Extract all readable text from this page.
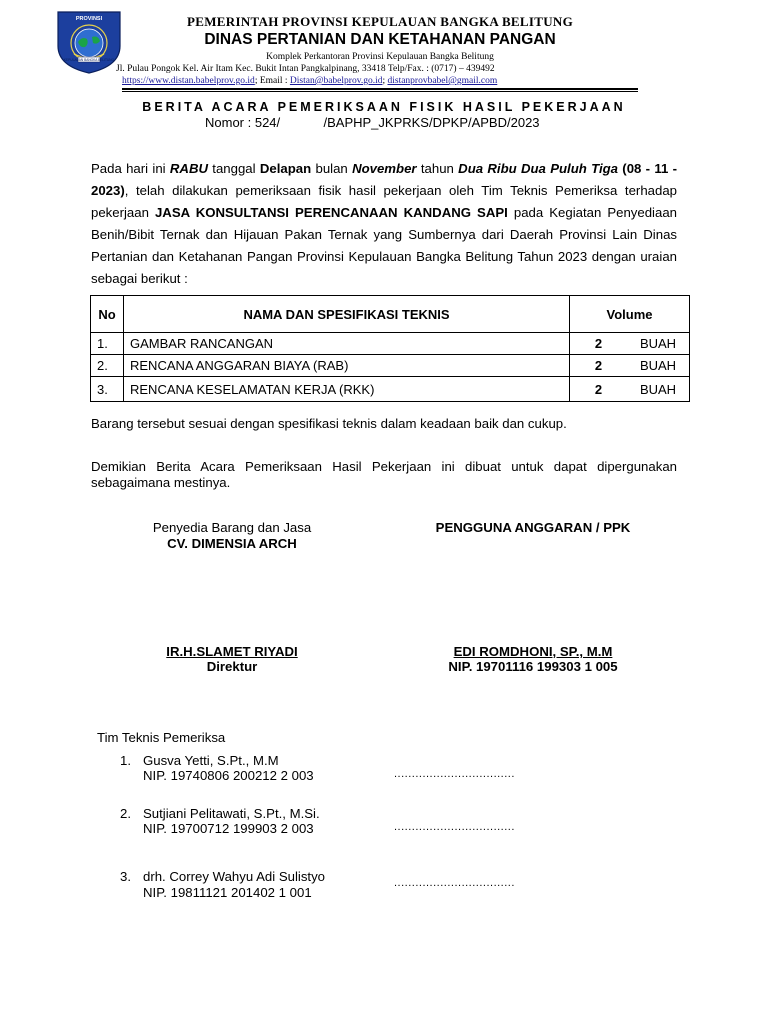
PROVINSI
KEPULAUAN BANGKA BELITUNG
PEMERINTAH PROVINSI KEPULAUAN BANGKA BELITUNG
DINAS PERTANIAN DAN KETAHANAN PANGAN
Komplek Perkantoran Provinsi Kepulauan Bangka Belitung
Jl. Pulau Pongok Kel. Air Itam Kec. Bukit Intan Pangkalpinang, 33418 Telp/Fax. : (0717) – 439492
https://www.distan.babelprov.go.id; Email : Distan@babelprov.go.id; distanprovbabel@gmail.com
BERITA ACARA PEMERIKSAAN FISIK HASIL PEKERJAAN
Nomor : 524/            /BAPHP_JKPRKS/DPKP/APBD/2023
Pada hari ini RABU tanggal Delapan bulan November tahun Dua Ribu Dua Puluh Tiga (08 - 11 - 2023), telah dilakukan pemeriksaan fisik hasil pekerjaan oleh Tim Teknis Pemeriksa terhadap pekerjaan JASA KONSULTANSI PERENCANAAN KANDANG SAPI pada Kegiatan Penyediaan Benih/Bibit Ternak dan Hijauan Pakan Ternak yang Sumbernya dari Daerah Provinsi Lain Dinas Pertanian dan Ketahanan Pangan Provinsi Kepulauan Bangka Belitung Tahun 2023 dengan uraian sebagai berikut :
No	NAMA DAN SPESIFIKASI TEKNIS	Volume	
1.	GAMBAR RANCANGAN	2	BUAH
2.	RENCANA ANGGARAN BIAYA (RAB)	2	BUAH
3.	RENCANA KESELAMATAN KERJA (RKK)	2	BUAH
Barang tersebut sesuai dengan spesifikasi teknis dalam keadaan baik dan cukup.
Demikian Berita Acara Pemeriksaan Hasil Pekerjaan ini dibuat untuk dapat dipergunakan sebagaimana mestinya.
Penyedia Barang dan Jasa
CV. DIMENSIA ARCH
PENGGUNA ANGGARAN / PPK
IR.H.SLAMET RIYADI
Direktur
EDI ROMDHONI, SP., M.M
NIP. 19701116 199303 1 005
Tim Teknis Pemeriksa
1. Gusva Yetti, S.Pt., M.M
NIP. 19740806 200212 2 003	..................................
2. Sutjiani Pelitawati, S.Pt., M.Si.
NIP. 19700712 199903 2 003	..................................
3. drh. Correy Wahyu Adi Sulistyo
NIP. 19811121 201402 1 001
..................................
